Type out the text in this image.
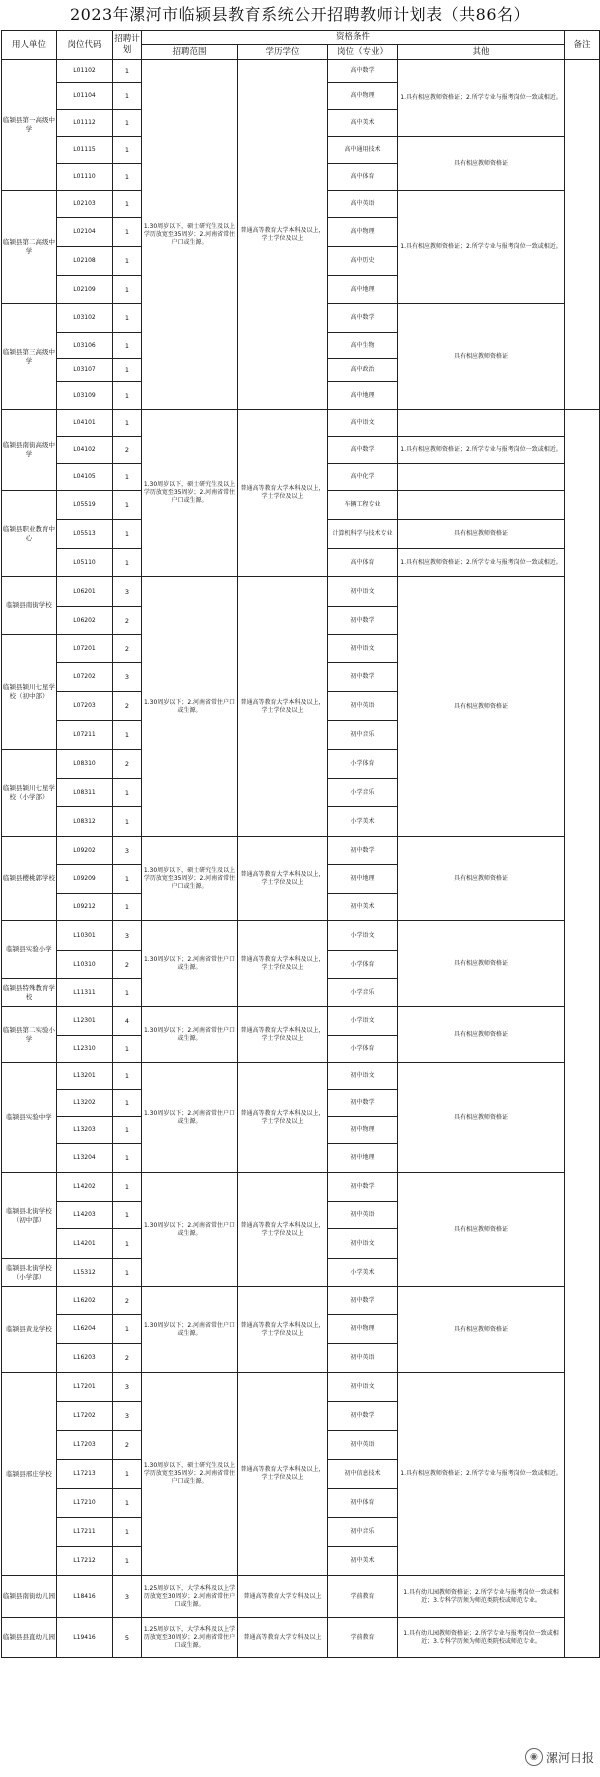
2023年漯河市临颍县教育系统公开招聘教师计划表（共86名）
用人单位	岗位代码	招聘计划	资格条件				备注
			招聘范围	学历学位	岗位（专业）	其他	
临颍县第一高级中学	L01102	1	1.30周岁以下，硕士研究生及以上学历放宽至35周岁；2.河南省常住户口或生源。	普通高等教育大学本科及以上，学士学位及以上	高中数学	1.具有相应教师资格证；2.所学专业与报考岗位一致或相近。	
	L01104	1			高中物理		
	L01112	1			高中美术		
	L01115	1			高中通用技术	具有相应教师资格证	
	L01110	1			高中体育		
临颍县第二高级中学	L02103	1			高中英语	1.具有相应教师资格证；2.所学专业与报考岗位一致或相近。	
	L02104	1			高中物理		
	L02108	1			高中历史		
	L02109	1			高中地理		
临颍县第三高级中学	L03102	1			高中数学	具有相应教师资格证	
	L03106	1			高中生物		
	L03107	1			高中政治		
	L03109	1			高中地理		
临颍县南街高级中学	L04101	1	1.30周岁以下，硕士研究生及以上学历放宽至35周岁；2.河南省常住户口或生源。	普通高等教育大学本科及以上，学士学位及以上	高中语文		
	L04102	2			高中数学	1.具有相应教师资格证；2.所学专业与报考岗位一致或相近。	
	L04105	1			高中化学		
临颍县职业教育中心	L05519	1			车辆工程专业		
	L05513	1			计算机科学与技术专业	具有相应教师资格证	
	L05110	1			高中体育	1.具有相应教师资格证；2.所学专业与报考岗位一致或相近。	
临颍县南街学校	L06201	3	1.30周岁以下；2.河南省常住户口或生源。	普通高等教育大学本科及以上，学士学位及以上	初中语文	具有相应教师资格证	
	L06202	2			初中数学		
临颍县颍川七星学校（初中部）	L07201	2			初中语文		
	L07202	3			初中数学		
	L07203	2			初中英语		
	L07211	1			初中音乐		
临颍县颍川七星学校（小学部）	L08310	2			小学体育		
	L08311	1			小学音乐		
	L08312	1			小学美术		
临颍县樱桃郭学校	L09202	3	1.30周岁以下，硕士研究生及以上学历放宽至35周岁；2.河南省常住户口或生源。	普通高等教育大学本科及以上，学士学位及以上	初中数学	具有相应教师资格证	
	L09209	1			初中地理		
	L09212	1			初中美术		
临颍县实验小学	L10301	3	1.30周岁以下；2.河南省常住户口或生源。	普通高等教育大学本科及以上，学士学位及以上	小学语文	具有相应教师资格证	
	L10310	2			小学体育		
临颍县特殊教育学校	L11311	1			小学音乐		
临颍县第二实验小学	L12301	4	1.30周岁以下；2.河南省常住户口或生源。	普通高等教育大学本科及以上，学士学位及以上	小学语文	具有相应教师资格证	
	L12310	1			小学体育		
临颍县实验中学	L13201	1	1.30周岁以下；2.河南省常住户口或生源。	普通高等教育大学本科及以上，学士学位及以上	初中语文	具有相应教师资格证	
	L13202	1			初中数学		
	L13203	1			初中物理		
	L13204	1			初中地理		
临颍县北街学校（初中部）	L14202	1	1.30周岁以下；2.河南省常住户口或生源。	普通高等教育大学本科及以上，学士学位及以上	初中数学	具有相应教师资格证	
	L14203	1			初中英语		
	L14201	1			初中语文		
临颍县北街学校（小学部）	L15312	1			小学美术		
临颍县黄龙学校	L16202	2	1.30周岁以下；2.河南省常住户口或生源。	普通高等教育大学本科及以上，学士学位及以上	初中数学	具有相应教师资格证	
	L16204	1			初中物理		
	L16203	2			初中英语		
临颍县邢庄学校	L17201	3	1.30周岁以下，硕士研究生及以上学历放宽至35周岁；2.河南省常住户口或生源。	普通高等教育大学本科及以上，学士学位及以上	初中语文	1.具有相应教师资格证；2.所学专业与报考岗位一致或相近。	
	L17202	3			初中数学		
	L17203	2			初中英语		
	L17213	1			初中信息技术		
	L17210	1			初中体育		
	L17211	1			初中音乐		
	L17212	1			初中美术		
临颍县南街幼儿园	L18416	3	1.25周岁以下，大学本科及以上学历放宽至30周岁；2.河南省常住户口或生源。	普通高等教育大学专科及以上	学前教育	1.具有幼儿园教师资格证；2.所学专业与报考岗位一致或相近；3.专科学历须为师范类院校或师范专业。	
临颍县县直幼儿园	L19416	5	1.25周岁以下，大学本科及以上学历放宽至30周岁；2.河南省常住户口或生源。	普通高等教育大学专科及以上	学前教育	1.具有幼儿园教师资格证；2.所学专业与报考岗位一致或相近；3.专科学历须为师范类院校或师范专业。	
◉ 漯河日报
